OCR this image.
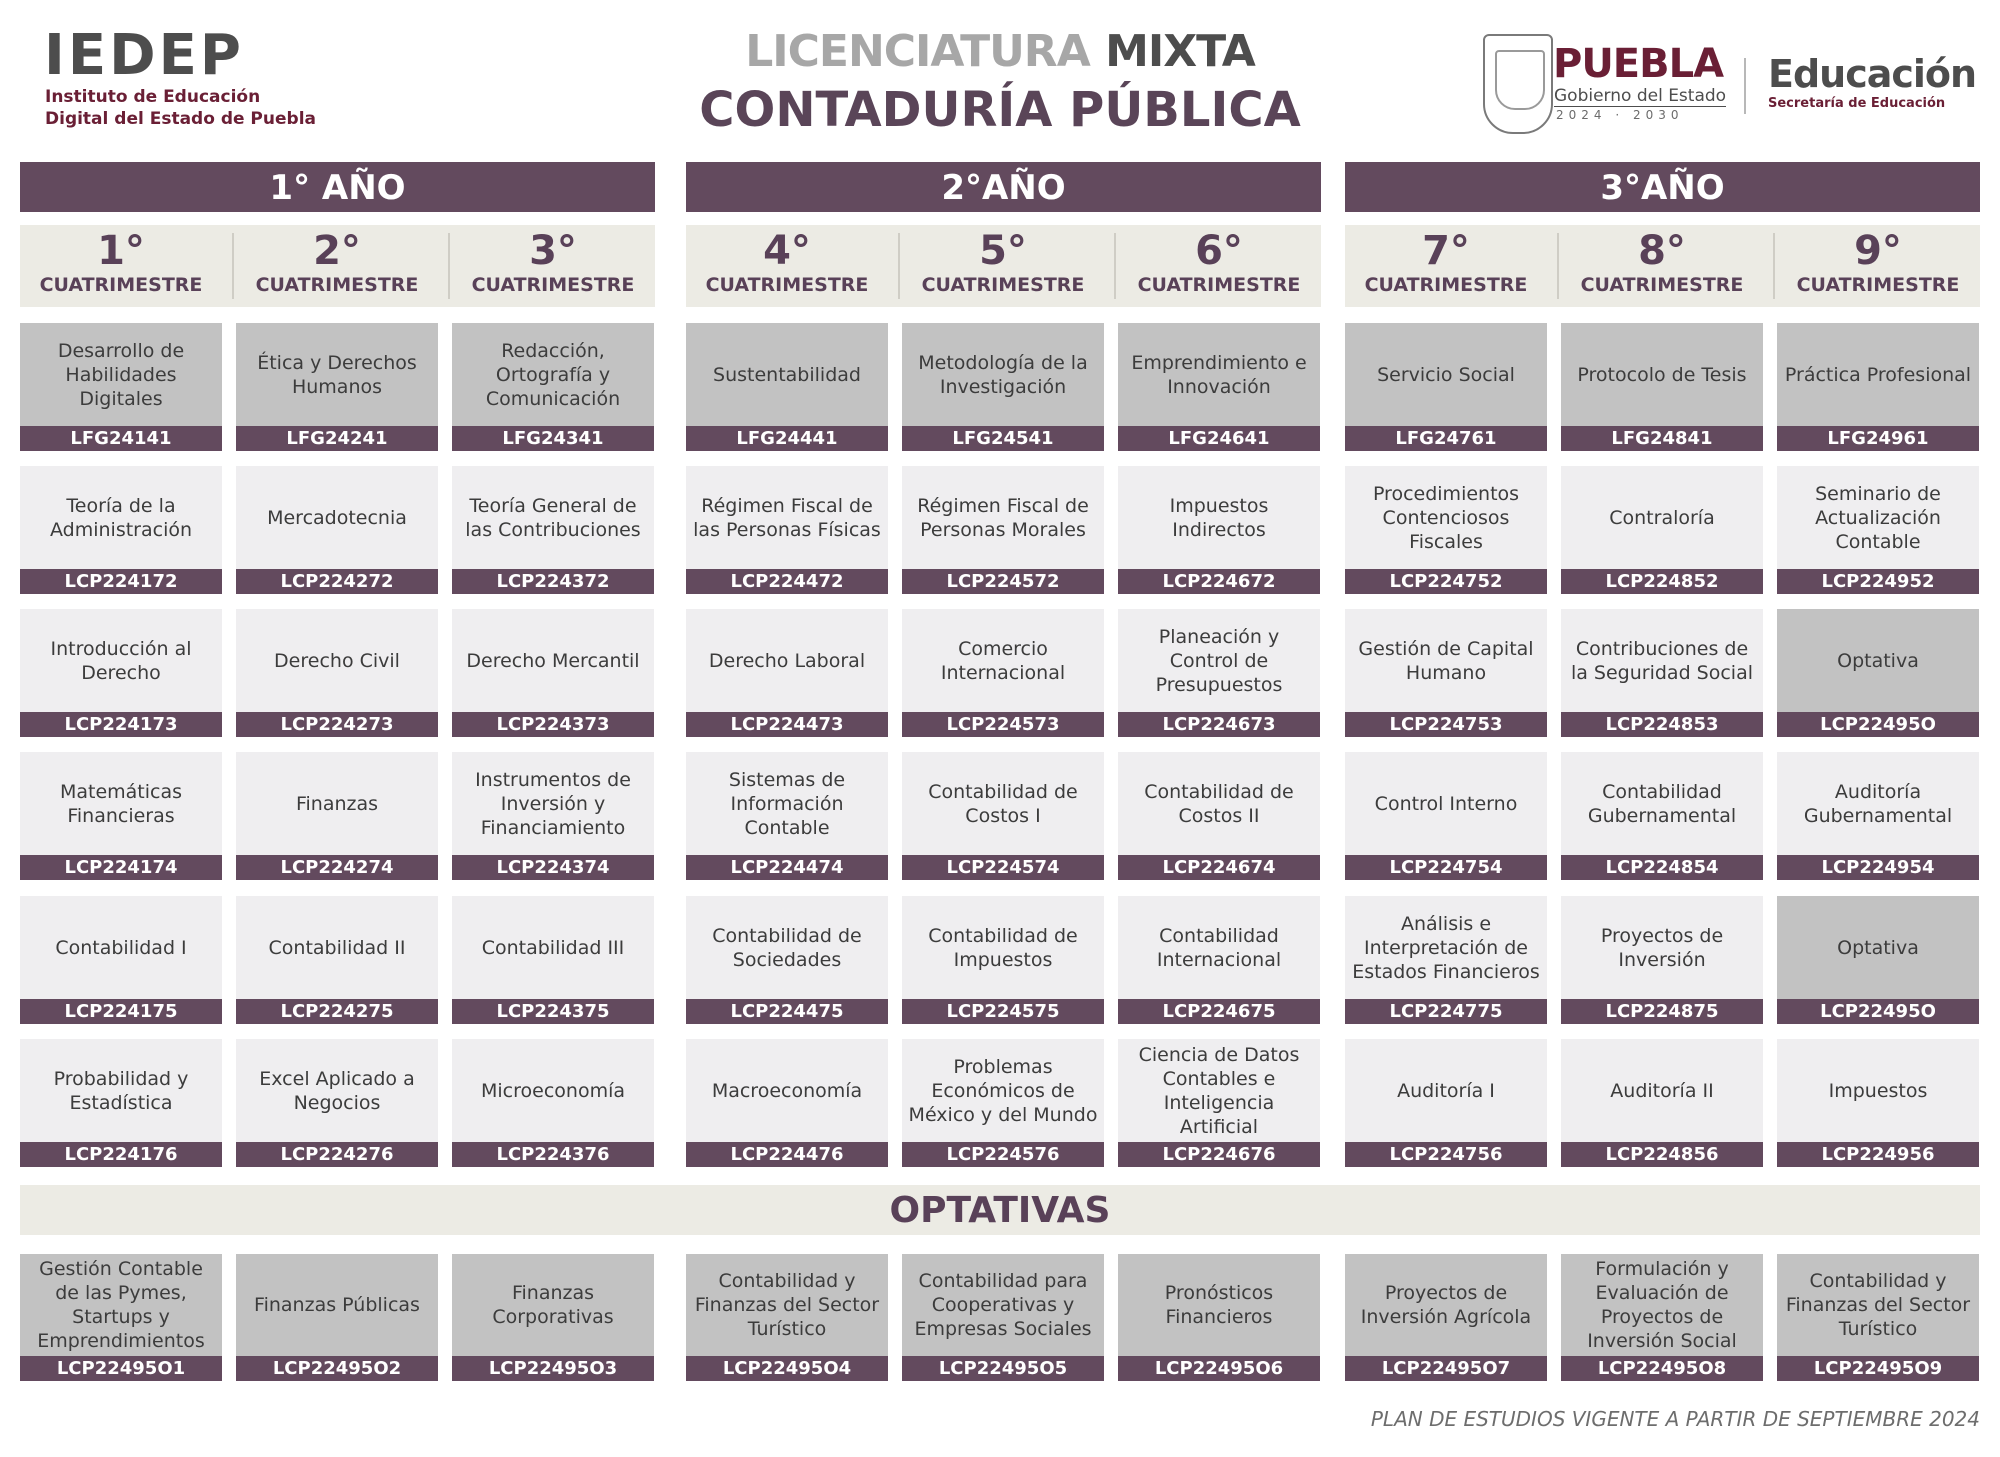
IEDEP
Instituto de Educación
Digital del Estado de Puebla
LICENCIATURA MIXTA
CONTADURÍA PÚBLICA
PUEBLA
Gobierno del Estado
2024 · 2030
Educación
Secretaría de Educación
1° AÑO	2°AÑO	3°AÑO
1°
CUATRIMESTRE
2°
CUATRIMESTRE
3°
CUATRIMESTRE
4°
CUATRIMESTRE
5°
CUATRIMESTRE
6°
CUATRIMESTRE
7°
CUATRIMESTRE
8°
CUATRIMESTRE
9°
CUATRIMESTRE
Desarrollo de Habilidades Digitales
LFG24141
Teoría de la Administración
LCP224172
Introducción al Derecho
LCP224173
Matemáticas Financieras
LCP224174
Contabilidad I
LCP224175
Probabilidad y Estadística
LCP224176
Ética y Derechos Humanos
LFG24241
Mercadotecnia
LCP224272
Derecho Civil
LCP224273
Finanzas
LCP224274
Contabilidad II
LCP224275
Excel Aplicado a Negocios
LCP224276
Redacción, Ortografía y Comunicación
LFG24341
Teoría General de las Contribuciones
LCP224372
Derecho Mercantil
LCP224373
Instrumentos de Inversión y Financiamiento
LCP224374
Contabilidad III
LCP224375
Microeconomía
LCP224376
Sustentabilidad
LFG24441
Régimen Fiscal de las Personas Físicas
LCP224472
Derecho Laboral
LCP224473
Sistemas de Información Contable
LCP224474
Contabilidad de Sociedades
LCP224475
Macroeconomía
LCP224476
Metodología de la Investigación
LFG24541
Régimen Fiscal de Personas Morales
LCP224572
Comercio Internacional
LCP224573
Contabilidad de Costos I
LCP224574
Contabilidad de Impuestos
LCP224575
Problemas Económicos de México y del Mundo
LCP224576
Emprendimiento e Innovación
LFG24641
Impuestos Indirectos
LCP224672
Planeación y Control de Presupuestos
LCP224673
Contabilidad de Costos II
LCP224674
Contabilidad Internacional
LCP224675
Ciencia de Datos Contables e Inteligencia Artificial
LCP224676
Servicio Social
LFG24761
Procedimientos Contenciosos Fiscales
LCP224752
Gestión de Capital Humano
LCP224753
Control Interno
LCP224754
Análisis e Interpretación de Estados Financieros
LCP224775
Auditoría I
LCP224756
Protocolo de Tesis
LFG24841
Contraloría
LCP224852
Contribuciones de la Seguridad Social
LCP224853
Contabilidad Gubernamental
LCP224854
Proyectos de Inversión
LCP224875
Auditoría II
LCP224856
Práctica Profesional
LFG24961
Seminario de Actualización Contable
LCP224952
Optativa
LCP22495O
Auditoría Gubernamental
LCP224954
Optativa
LCP22495O
Impuestos
LCP224956
OPTATIVAS
Gestión Contable de las Pymes, Startups y Emprendimientos
LCP22495O1
Finanzas Públicas
LCP22495O2
Finanzas Corporativas
LCP22495O3
Contabilidad y Finanzas del Sector Turístico
LCP22495O4
Contabilidad para Cooperativas y Empresas Sociales
LCP22495O5
Pronósticos Financieros
LCP22495O6
Proyectos de Inversión Agrícola
LCP22495O7
Formulación y Evaluación de Proyectos de Inversión Social
LCP22495O8
Contabilidad y Finanzas del Sector Turístico
LCP22495O9
PLAN DE ESTUDIOS VIGENTE A PARTIR DE SEPTIEMBRE 2024
